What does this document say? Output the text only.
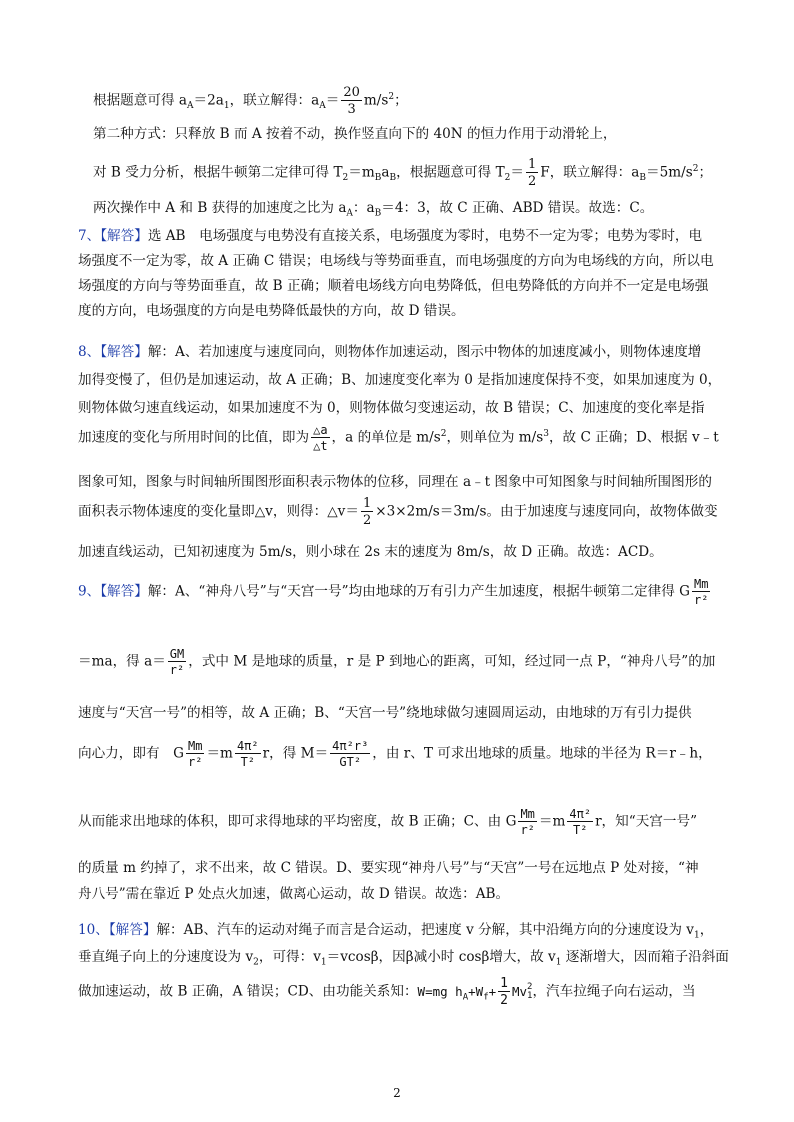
根据题意可得 $a_A=2a_1$，联立解得：$a_A= \frac{20}{3} m/s^2$；
第二种方式：只释放 B 而 A 按着不动，换作竖直向下的 40N 的恒力作用于动滑轮上，
对 B 受力分析，根据牛顿第二定律可得 $T_2=m_Ba_B$，根据题意可得 $T_2= \frac{1}{2}$ F，联立解得：$a_B=5m/s^2$；
两次操作中 A 和 B 获得的加速度之比为 $a_A$：$a_B=4$：3，故 C 正确、ABD 错误。故选：C。
7、【解答】选 AB　电场强度与电势没有直接关系，电场强度为零时，电势不一定为零；电势为零时，电
场强度不一定为零，故 A 正确 C 错误；电场线与等势面垂直，而电场强度的方向为电场线的方向，所以电
场强度的方向与等势面垂直，故 B 正确；顺着电场线方向电势降低，但电势降低的方向并不一定是电场强
度的方向，电场强度的方向是电势降低最快的方向，故 D 错误。
8、【解答】解：A、若加速度与速度同向，则物体作加速运动，图示中物体的加速度减小，则物体速度增
加得变慢了，但仍是加速运动，故 A 正确；B、加速度变化率为 0 是指加速度保持不变，如果加速度为 0，
则物体做匀速直线运动，如果加速度不为 0，则物体做匀变速运动，故 B 错误；C、加速度的变化率是指
加速度的变化与所用时间的比值，即为 $\frac{\triangle a}{\triangle t}$ ，a 的单位是 $m/s^2$，则单位为 $m/s^3$，故 C 正确；D、根据 v﹣t
图象可知，图象与时间轴所围图形面积表示物体的位移，同理在 a﹣t 图象中可知图象与时间轴所围图形的
面积表示物体速度的变化量即△v，则得：△v＝ $\frac{1}{2} \times 3\times 2m/s=3m/s$。由于加速度与速度同向，故物体做变
加速直线运动，已知初速度为 5m/s，则小球在 2s 末的速度为 8m/s，故 D 正确。故选：ACD。
9、【解答】解：A、“神舟八号”与“天宫一号”均由地球的万有引力产生加速度，根据牛顿第二定律得 G $\frac{Mm}{\text{r²}}$
＝ma，得 $a= \frac{GM}{\text{r²}}$ ，式中 M 是地球的质量，r 是 P 到地心的距离，可知，经过同一点 P，“神舟八号”的加
速度与“天宫一号”的相等，故 A 正确；B、“天宫一号”绕地球做匀速圆周运动，由地球的万有引力提供
向心力，即有　G $\frac{Mm}{\text{r²}} =m \frac{\text{4π²}}{\text{T²}}$ r，得 $M= \frac{\text{4π²r³}}{\text{GT²}}$ ，由 r、T 可求出地球的质量。地球的半径为 R＝r﹣h，
从而能求出地球的体积，即可求得地球的平均密度，故 B 正确；C、由 G $\frac{Mm}{\text{r²}} =m \frac{\text{4π²}}{\text{T²}}$ r，知“天宫一号”
的质量 m 约掉了，求不出来，故 C 错误。D、要实现“神舟八号”与“天宫”一号在远地点 P 处对接，“神
舟八号”需在靠近 P 处点火加速，做离心运动，故 D 错误。故选：AB。
10、【解答】解：AB、汽车的运动对绳子而言是合运动，把速度 v 分解，其中沿绳方向的分速度设为 $v_1$，
垂直绳子向上的分速度设为 $v_2$，可得：$v_1=vcos\beta$，因β减小时 cosβ增大，故 $v_1$ 逐渐增大，因而箱子沿斜面
做加速运动，故 B 正确，A 错误；CD、由功能关系知：W=mg $h_A+W_f+ \frac{1}{2}$ Mv 2
1 ，汽车拉绳子向右运动，当
2
